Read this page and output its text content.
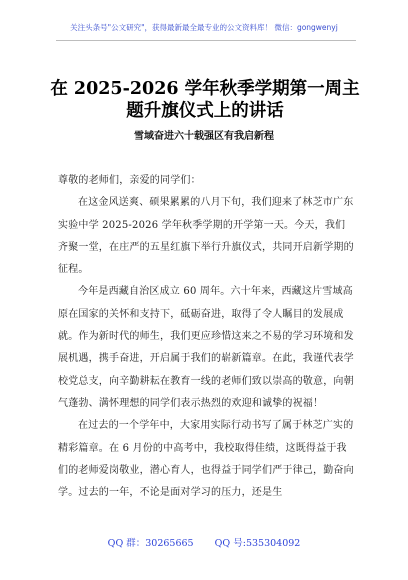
关注头条号"公文研究"，获得最新最全最专业的公文资料库！ 微信：gongwenyj
在 2025-2026 学年秋季学期第一周主
题升旗仪式上的讲话
雪域奋进六十载强区有我启新程

尊敬的老师们，亲爱的同学们：

在这金风送爽、硕果累累的八月下旬，我们迎来了林芝市广东实验中学 2025-2026 学年秋季学期的开学第一天。今天，我们齐聚一堂，在庄严的五星红旗下举行升旗仪式，共同开启新学期的征程。

今年是西藏自治区成立 60 周年。六十年来，西藏这片雪域高原在国家的关怀和支持下，砥砺奋进，取得了令人瞩目的发展成就。作为新时代的师生，我们更应珍惜这来之不易的学习环境和发展机遇，携手奋进，开启属于我们的崭新篇章。在此，我谨代表学校党总支，向辛勤耕耘在教育一线的老师们致以崇高的敬意，向朝气蓬勃、满怀理想的同学们表示热烈的欢迎和诚挚的祝福！

在过去的一个学年中，大家用实际行动书写了属于林芝广实的精彩篇章。在 6 月份的中高考中，我校取得佳绩，这既得益于我们的老师爱岗敬业，潜心育人，也得益于同学们严于律己，勤奋向学。过去的一年，不论是面对学习的压力，还是生

QQ 群：30265665 QQ 号:535304092
